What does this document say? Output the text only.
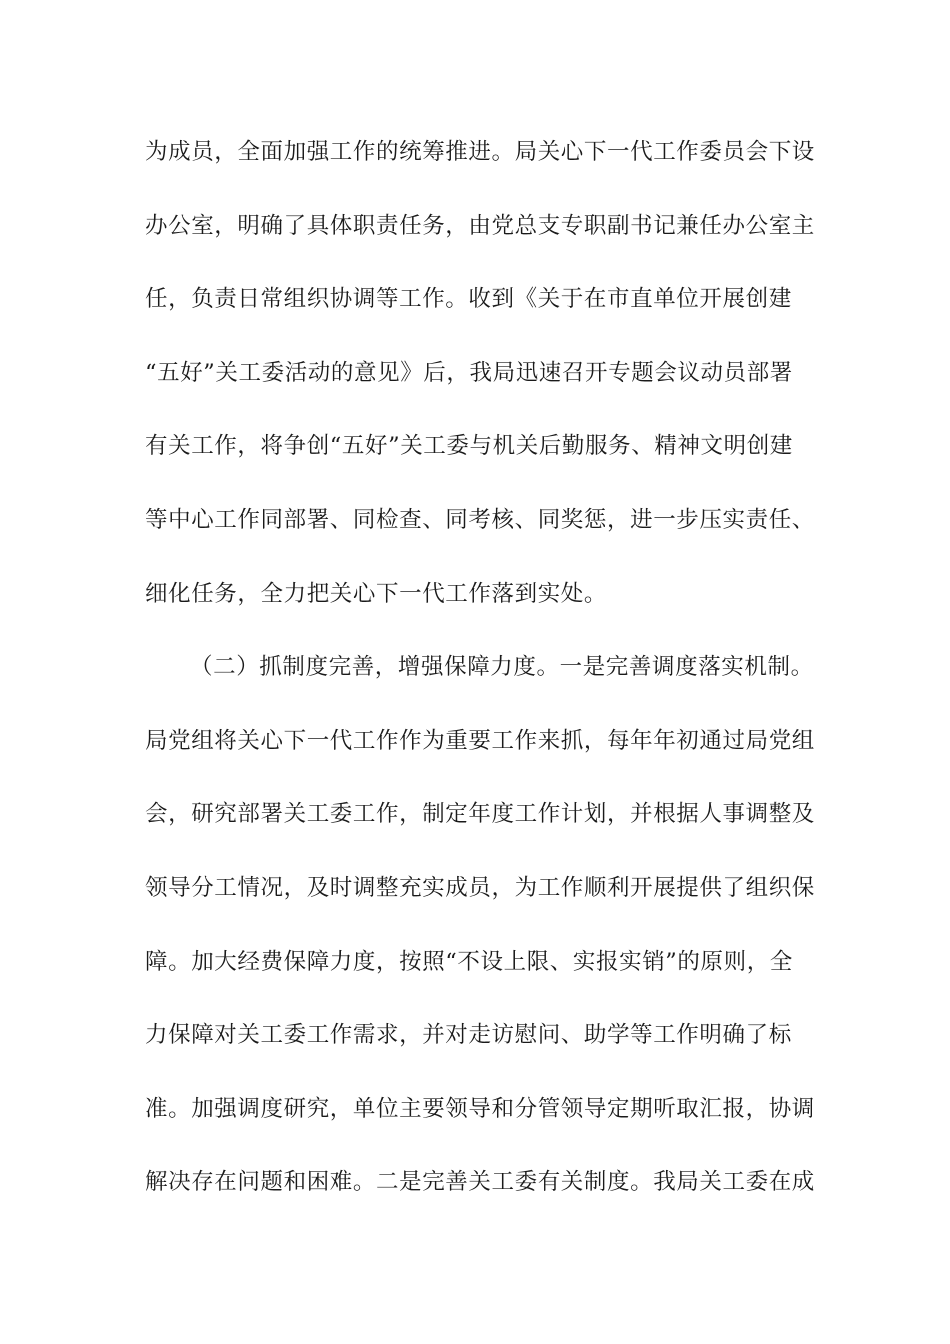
为成员，全面加强工作的统筹推进。局关心下一代工作委员会下设
办公室，明确了具体职责任务，由党总支专职副书记兼任办公室主
任，负责日常组织协调等工作。收到《关于在市直单位开展创建
“五好”关工委活动的意见》后，我局迅速召开专题会议动员部署
有关工作，将争创“五好”关工委与机关后勤服务、精神文明创建
等中心工作同部署、同检查、同考核、同奖惩，进一步压实责任、
细化任务，全力把关心下一代工作落到实处。
（二）抓制度完善，增强保障力度。一是完善调度落实机制。
局党组将关心下一代工作作为重要工作来抓，每年年初通过局党组
会，研究部署关工委工作，制定年度工作计划，并根据人事调整及
领导分工情况，及时调整充实成员，为工作顺利开展提供了组织保
障。加大经费保障力度，按照“不设上限、实报实销”的原则，全
力保障对关工委工作需求，并对走访慰问、助学等工作明确了标
准。加强调度研究，单位主要领导和分管领导定期听取汇报，协调
解决存在问题和困难。二是完善关工委有关制度。我局关工委在成
